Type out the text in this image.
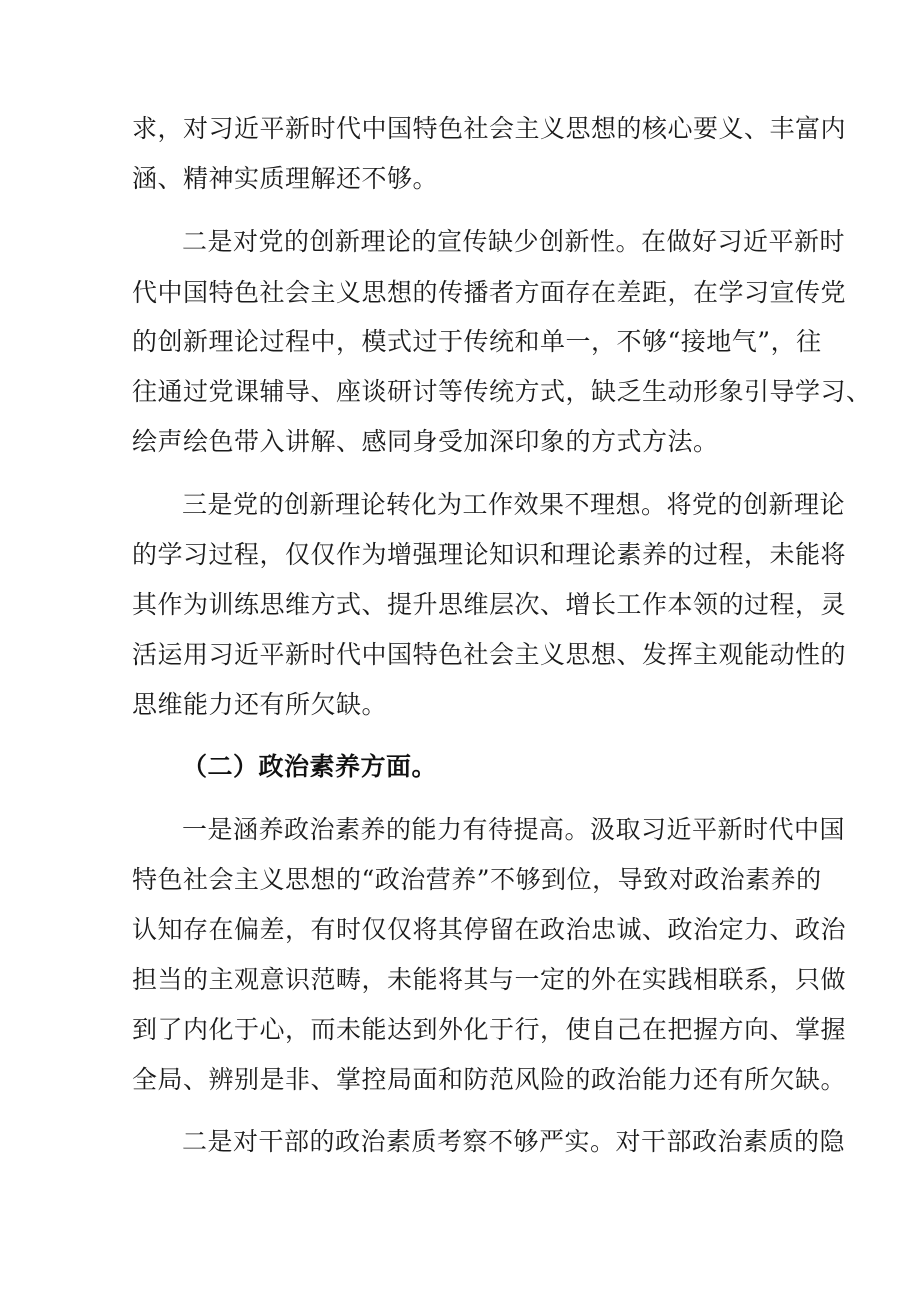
求，对习近平新时代中国特色社会主义思想的核心要义、丰富内
涵、精神实质理解还不够。
二是对党的创新理论的宣传缺少创新性。在做好习近平新时
代中国特色社会主义思想的传播者方面存在差距，在学习宣传党
的创新理论过程中，模式过于传统和单一，不够“接地气”，往
往通过党课辅导、座谈研讨等传统方式，缺乏生动形象引导学习、
绘声绘色带入讲解、感同身受加深印象的方式方法。
三是党的创新理论转化为工作效果不理想。将党的创新理论
的学习过程，仅仅作为增强理论知识和理论素养的过程，未能将
其作为训练思维方式、提升思维层次、增长工作本领的过程，灵
活运用习近平新时代中国特色社会主义思想、发挥主观能动性的
思维能力还有所欠缺。
（二）政治素养方面。
一是涵养政治素养的能力有待提高。汲取习近平新时代中国
特色社会主义思想的“政治营养”不够到位，导致对政治素养的
认知存在偏差，有时仅仅将其停留在政治忠诚、政治定力、政治
担当的主观意识范畴，未能将其与一定的外在实践相联系，只做
到了内化于心，而未能达到外化于行，使自己在把握方向、掌握
全局、辨别是非、掌控局面和防范风险的政治能力还有所欠缺。
二是对干部的政治素质考察不够严实。对干部政治素质的隐
